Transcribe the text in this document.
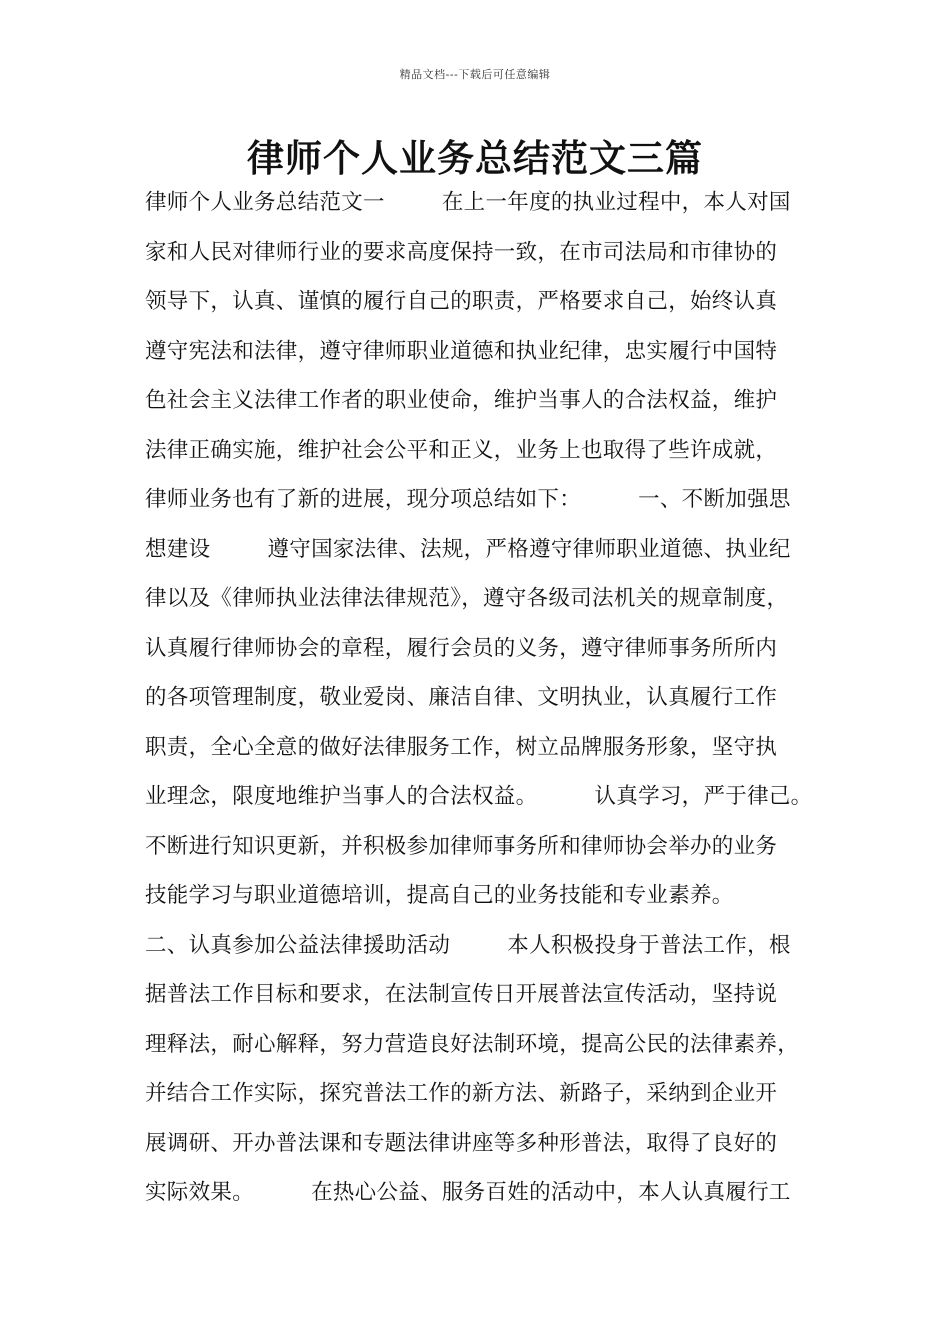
精品文档---下载后可任意编辑
律师个人业务总结范文三篇
律师个人业务总结范文一        在上一年度的执业过程中，本人对国
家和人民对律师行业的要求高度保持一致，在市司法局和市律协的
领导下，认真、谨慎的履行自己的职责，严格要求自己，始终认真
遵守宪法和法律，遵守律师职业道德和执业纪律，忠实履行中国特
色社会主义法律工作者的职业使命，维护当事人的合法权益，维护
法律正确实施，维护社会公平和正义，业务上也取得了些许成就，
律师业务也有了新的进展，现分项总结如下：        一、不断加强思
想建设        遵守国家法律、法规，严格遵守律师职业道德、执业纪
律以及《律师执业法律法律规范》，遵守各级司法机关的规章制度，
认真履行律师协会的章程，履行会员的义务，遵守律师事务所所内
的各项管理制度，敬业爱岗、廉洁自律、文明执业，认真履行工作
职责，全心全意的做好法律服务工作，树立品牌服务形象，坚守执
业理念，限度地维护当事人的合法权益。        认真学习，严于律己。
不断进行知识更新，并积极参加律师事务所和律师协会举办的业务
技能学习与职业道德培训，提高自己的业务技能和专业素养。
二、认真参加公益法律援助活动        本人积极投身于普法工作，根
据普法工作目标和要求，在法制宣传日开展普法宣传活动，坚持说
理释法，耐心解释，努力营造良好法制环境，提高公民的法律素养，
并结合工作实际，探究普法工作的新方法、新路子，采纳到企业开
展调研、开办普法课和专题法律讲座等多种形普法，取得了良好的
实际效果。        在热心公益、服务百姓的活动中，本人认真履行工
